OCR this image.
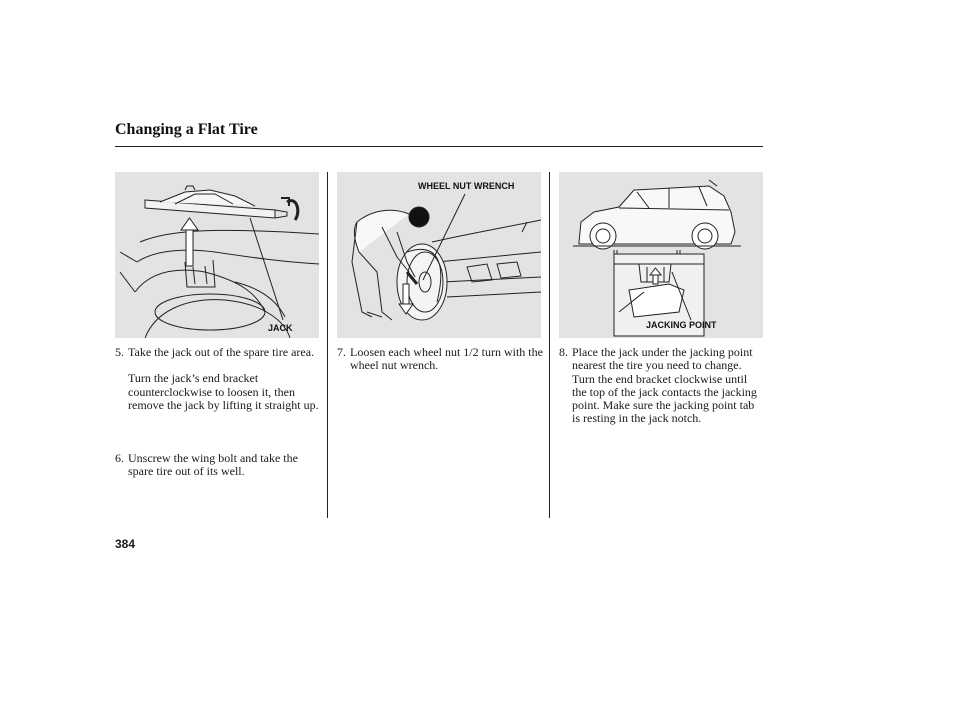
Changing a Flat Tire
JACK
WHEEL NUT WRENCH
JACKING POINT
5. Take the jack out of the spare tire area.
Turn the jack’s end bracket counterclockwise to loosen it, then remove the jack by lifting it straight up.
6. Unscrew the wing bolt and take the spare tire out of its well.
7. Loosen each wheel nut 1/2 turn with the wheel nut wrench.
8. Place the jack under the jacking point nearest the tire you need to change. Turn the end bracket clockwise until the top of the jack contacts the jacking point. Make sure the jacking point tab is resting in the jack notch.
384
